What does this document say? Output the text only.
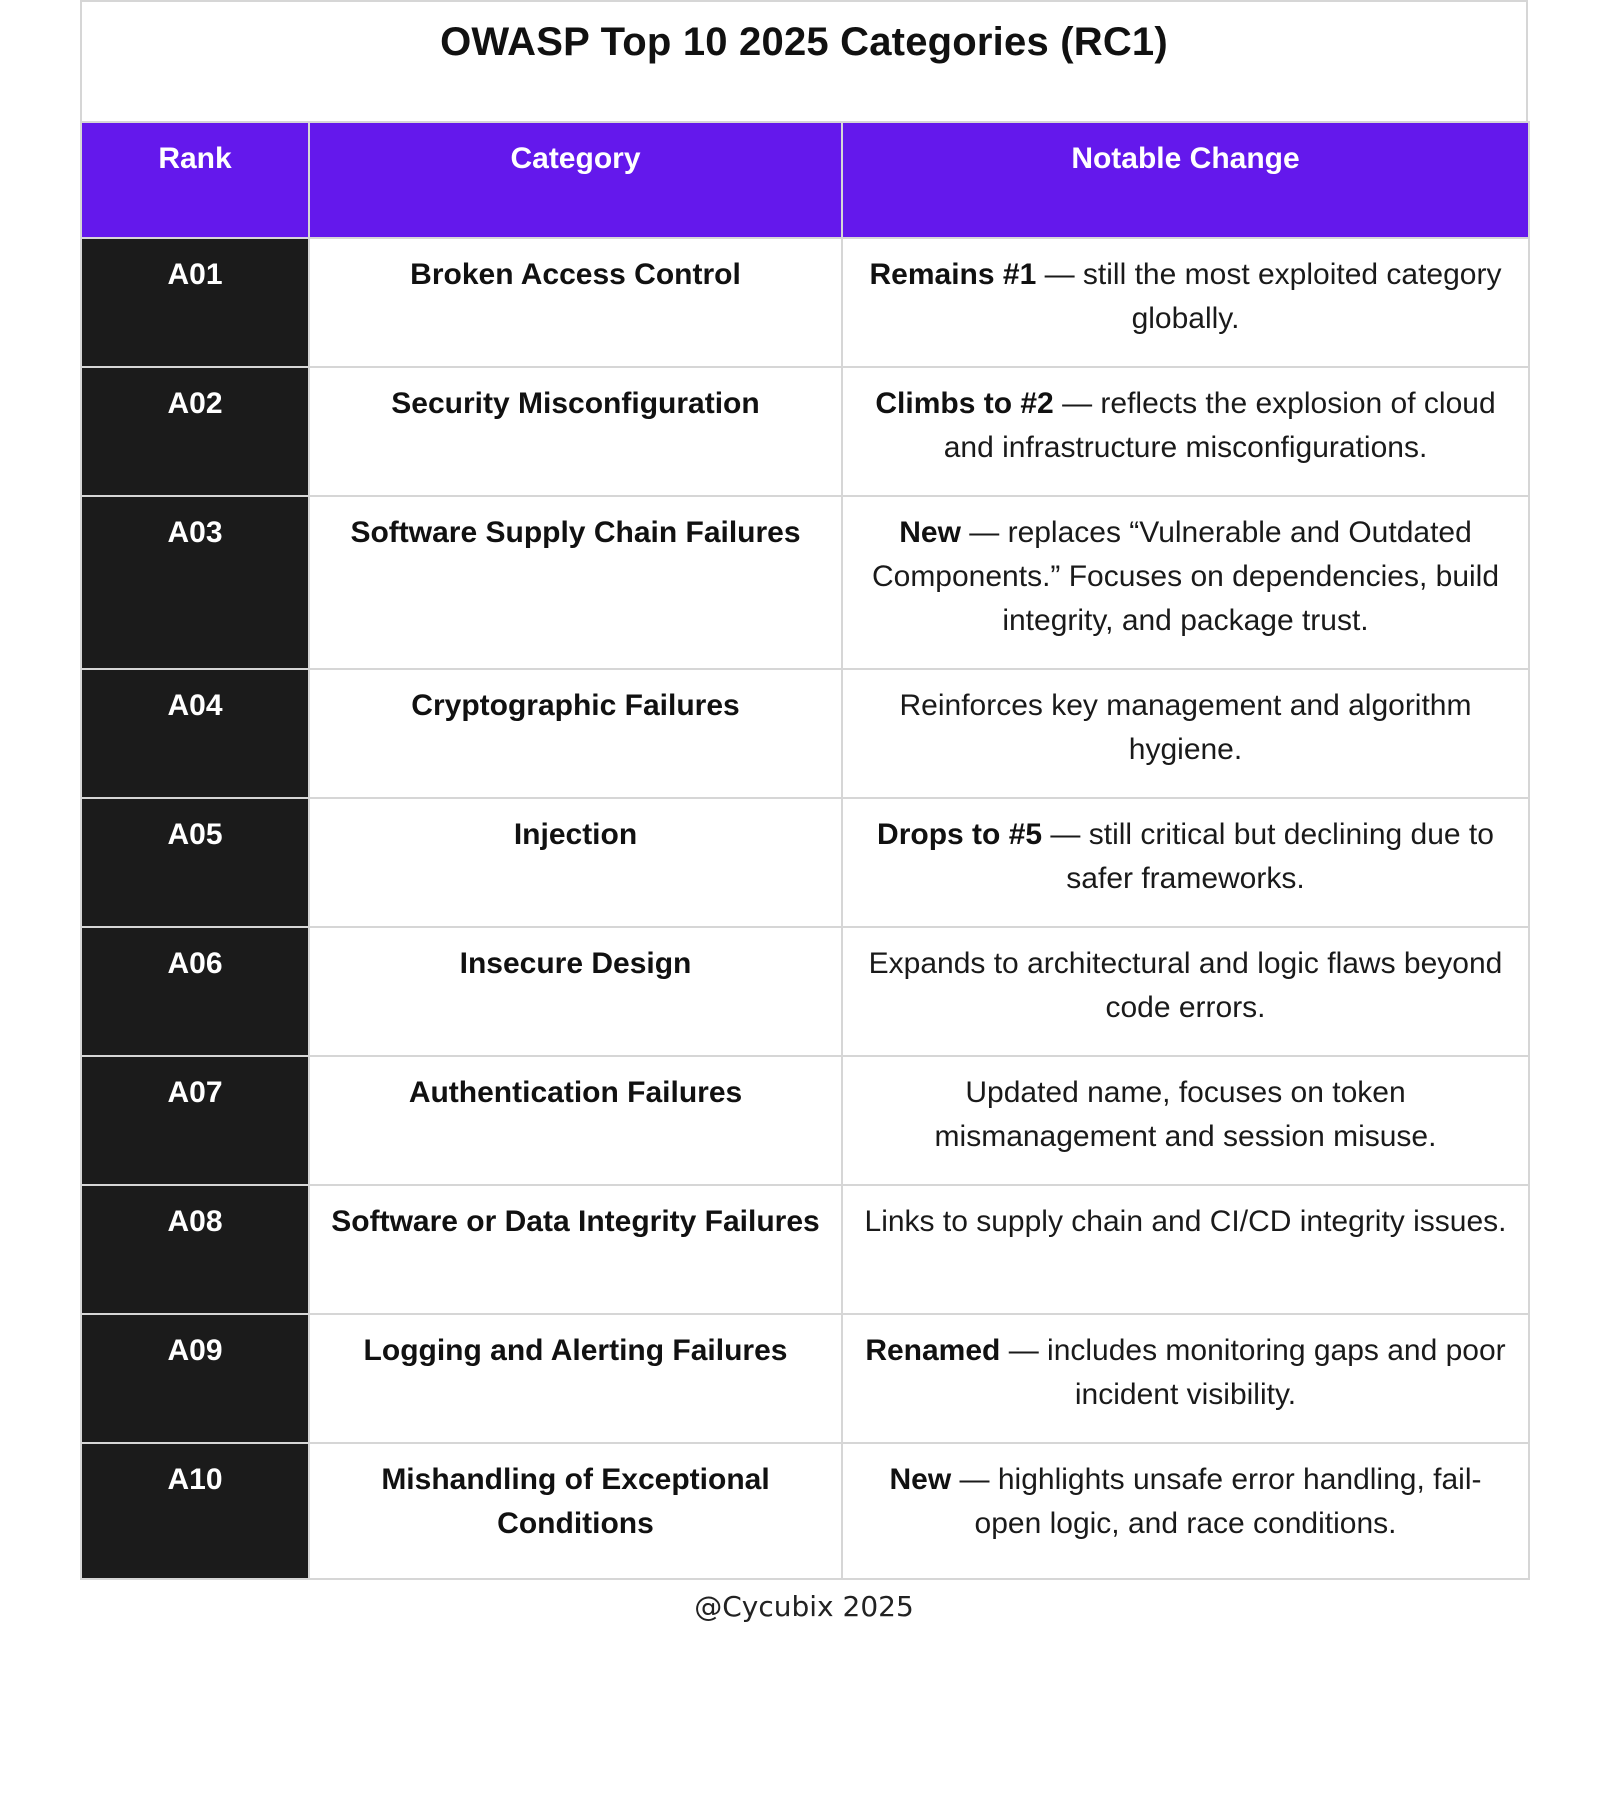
OWASP Top 10 2025 Categories (RC1)
Rank	Category	Notable Change
A01	Broken Access Control	Remains #1 — still the most exploited category globally.
A02	Security Misconfiguration	Climbs to #2 — reflects the explosion of cloud and infrastructure misconfigurations.
A03	Software Supply Chain Failures	New — replaces “Vulnerable and Outdated Components.” Focuses on dependencies, build integrity, and package trust.
A04	Cryptographic Failures	Reinforces key management and algorithm hygiene.
A05	Injection	Drops to #5 — still critical but declining due to safer frameworks.
A06	Insecure Design	Expands to architectural and logic flaws beyond code errors.
A07	Authentication Failures	Updated name, focuses on token mismanagement and session misuse.
A08	Software or Data Integrity Failures	Links to supply chain and CI/CD integrity issues.
A09	Logging and Alerting Failures	Renamed — includes monitoring gaps and poor incident visibility.
A10	Mishandling of Exceptional Conditions	New — highlights unsafe error handling, fail-open logic, and race conditions.
@Cycubix 2025
